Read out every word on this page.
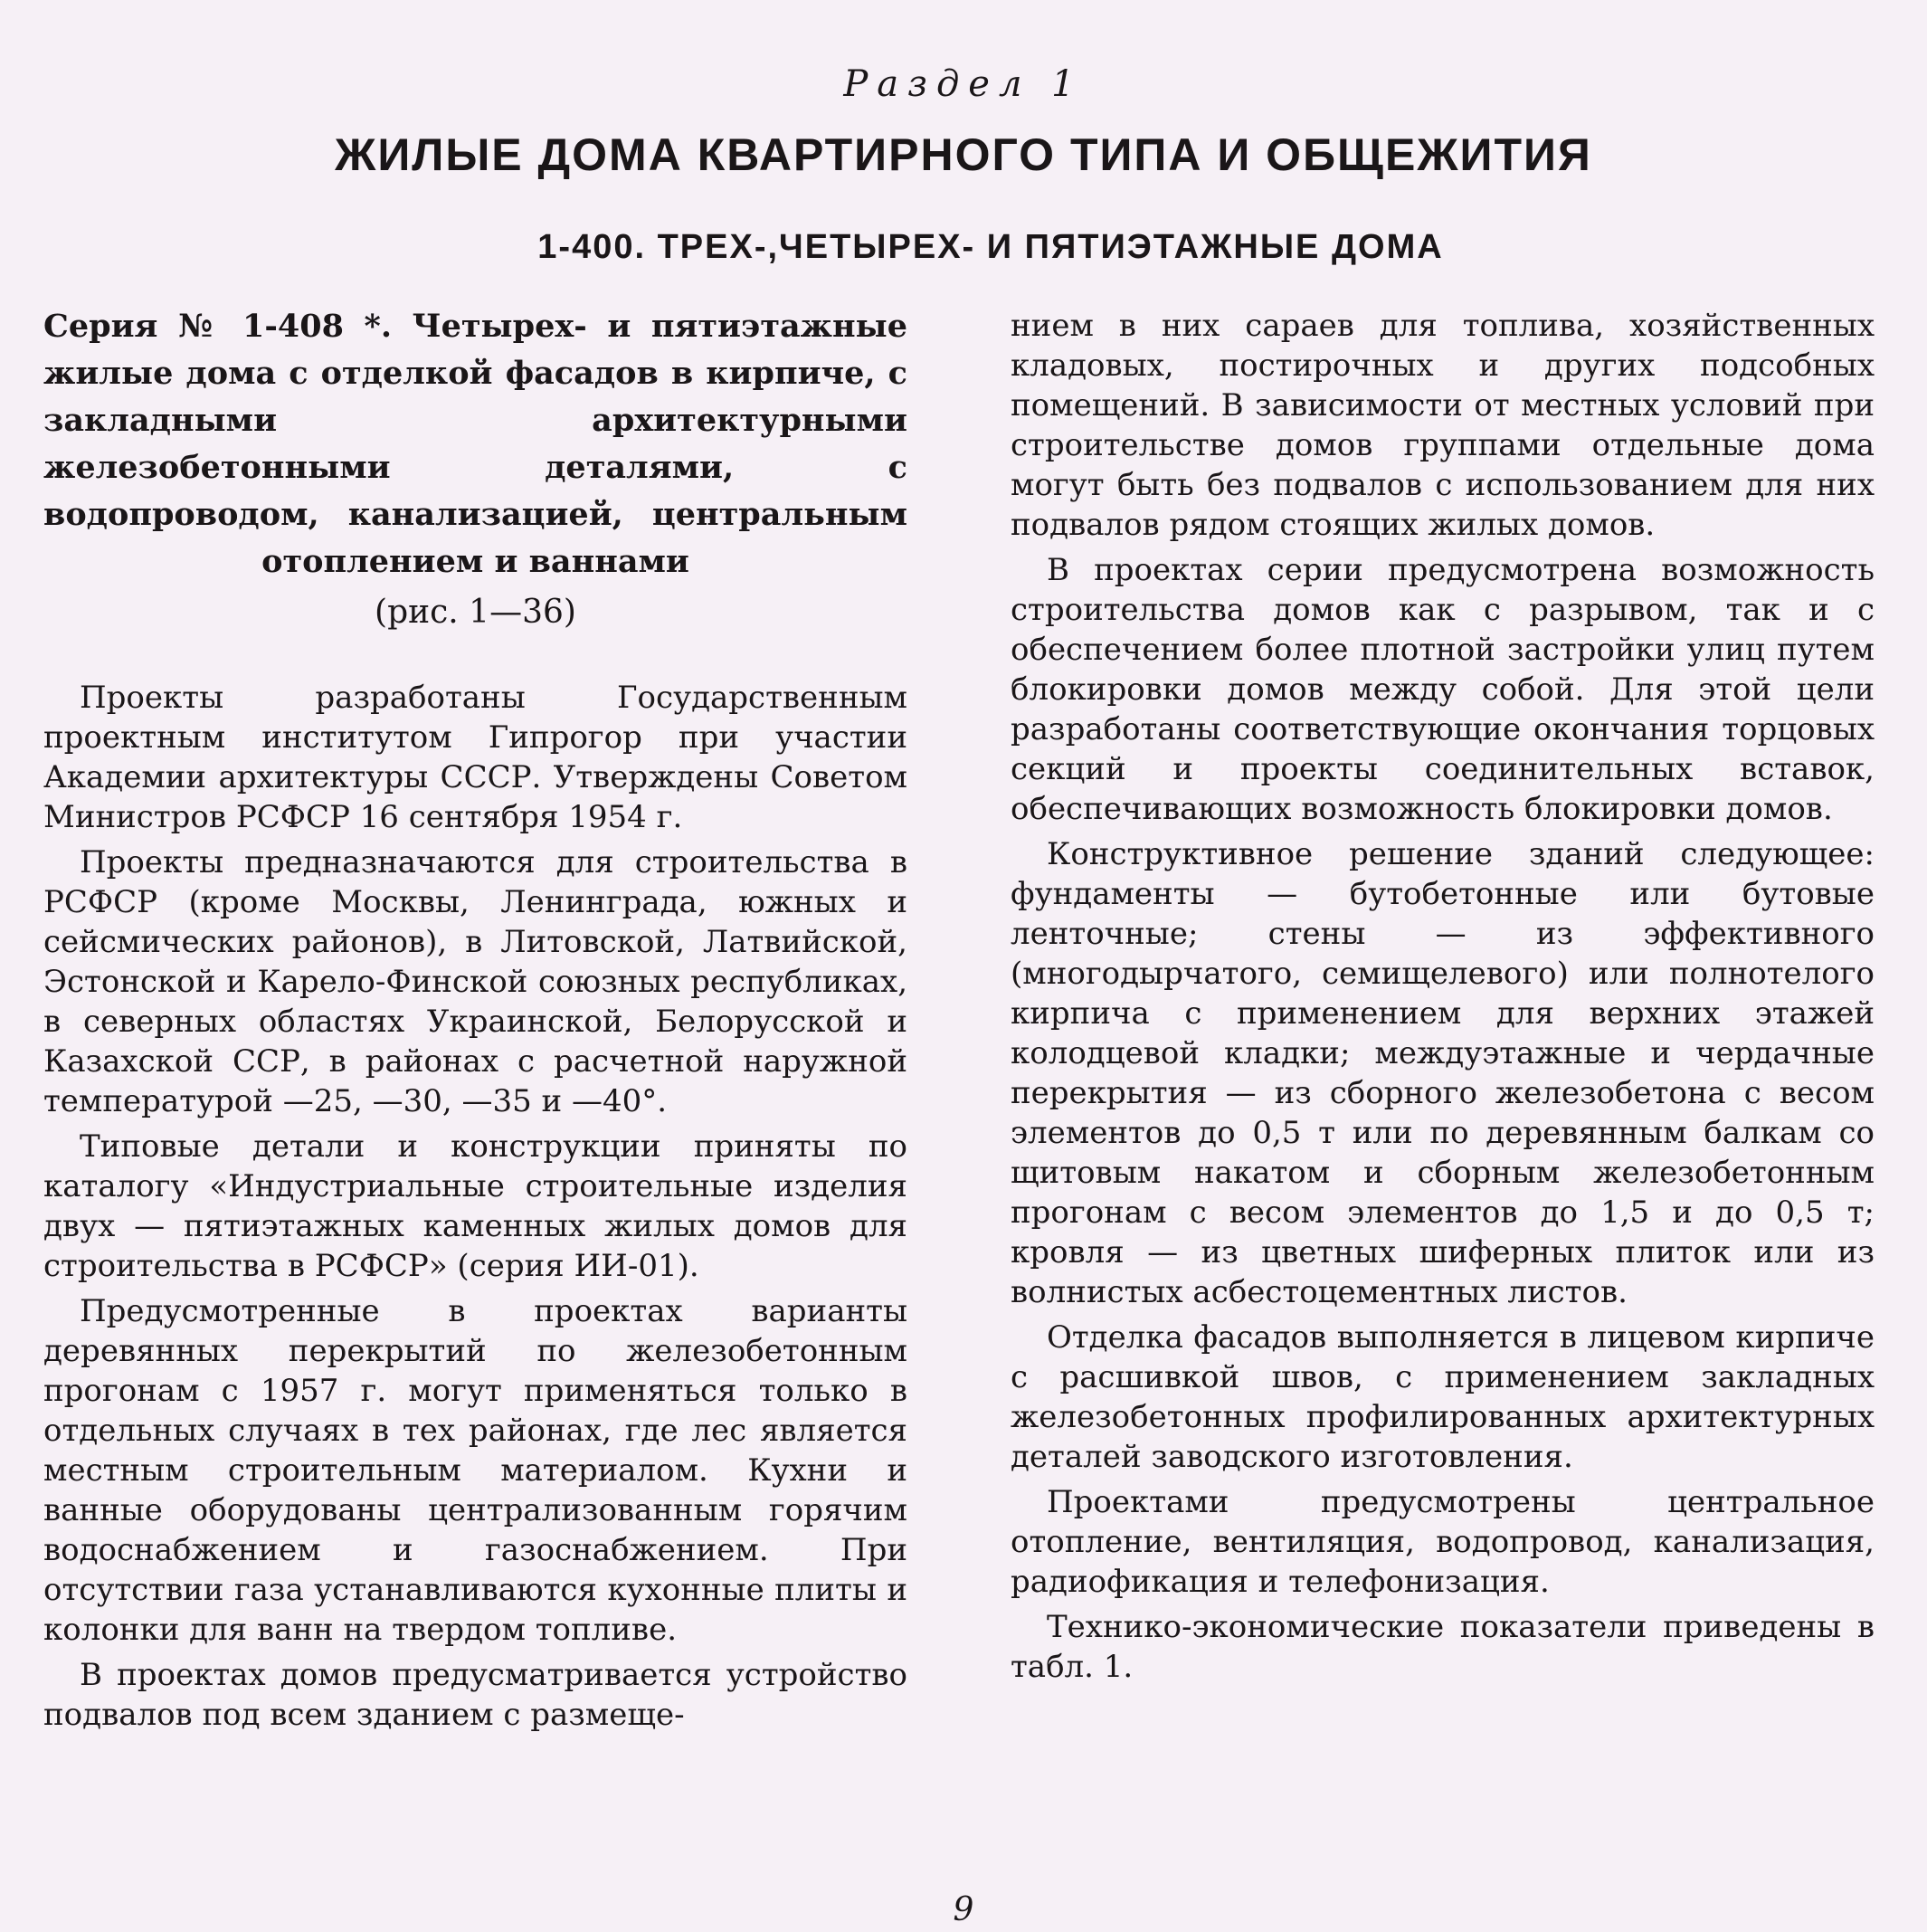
Раздел 1
ЖИЛЫЕ ДОМА КВАРТИРНОГО ТИПА И ОБЩЕЖИТИЯ
1-400. ТРЕХ-,ЧЕТЫРЕХ- И ПЯТИЭТАЖНЫЕ ДОМА

Серия № 1-408 *. Четырех- и пятиэтажные жилые дома с отделкой фасадов в кирпиче, с закладными архитектурными железобетонными деталями, с водопроводом, канализацией, центральным отоплением и ваннами

(рис. 1—36)

Проекты разработаны Государственным проектным институтом Гипрогор при участии Академии архитектуры СССР. Утверждены Советом Министров РСФСР 16 сентября 1954 г.

Проекты предназначаются для строительства в РСФСР (кроме Москвы, Ленинграда, южных и сейсмических районов), в Литовской, Латвийской, Эстонской и Карело-Финской союзных республиках, в северных областях Украинской, Белорусской и Казахской ССР, в районах с расчетной наружной температурой —25, —30, —35 и —40°.

Типовые детали и конструкции приняты по каталогу «Индустриальные строительные изделия двух — пятиэтажных каменных жилых домов для строительства в РСФСР» (серия ИИ-01).

Предусмотренные в проектах варианты деревянных перекрытий по железобетонным прогонам с 1957 г. могут применяться только в отдельных случаях в тех районах, где лес является местным строительным материалом. Кухни и ванные оборудованы централизованным горячим водоснабжением и газоснабжением. При отсутствии газа устанавливаются кухонные плиты и колонки для ванн на твердом топливе.

В проектах домов предусматривается устройство подвалов под всем зданием с размеще-

нием в них сараев для топлива, хозяйственных кладовых, постирочных и других подсобных помещений. В зависимости от местных условий при строительстве домов группами отдельные дома могут быть без подвалов с использованием для них подвалов рядом стоящих жилых домов.

В проектах серии предусмотрена возможность строительства домов как с разрывом, так и с обеспечением более плотной застройки улиц путем блокировки домов между собой. Для этой цели разработаны соответствующие окончания торцовых секций и проекты соединительных вставок, обеспечивающих возможность блокировки домов.

Конструктивное решение зданий следующее: фундаменты — бутобетонные или бутовые ленточные; стены — из эффективного (многодырчатого, семищелевого) или полнотелого кирпича с применением для верхних этажей колодцевой кладки; междуэтажные и чердачные перекрытия — из сборного железобетона с весом элементов до 0,5 т или по деревянным балкам со щитовым накатом и сборным железобетонным прогонам с весом элементов до 1,5 и до 0,5 т; кровля — из цветных шиферных плиток или из волнистых асбестоцементных листов.

Отделка фасадов выполняется в лицевом кирпиче с расшивкой швов, с применением закладных железобетонных профилированных архитектурных деталей заводского изготовления.

Проектами предусмотрены центральное отопление, вентиляция, водопровод, канализация, радиофикация и телефонизация.

Технико-экономические показатели приведены в табл. 1.

9
